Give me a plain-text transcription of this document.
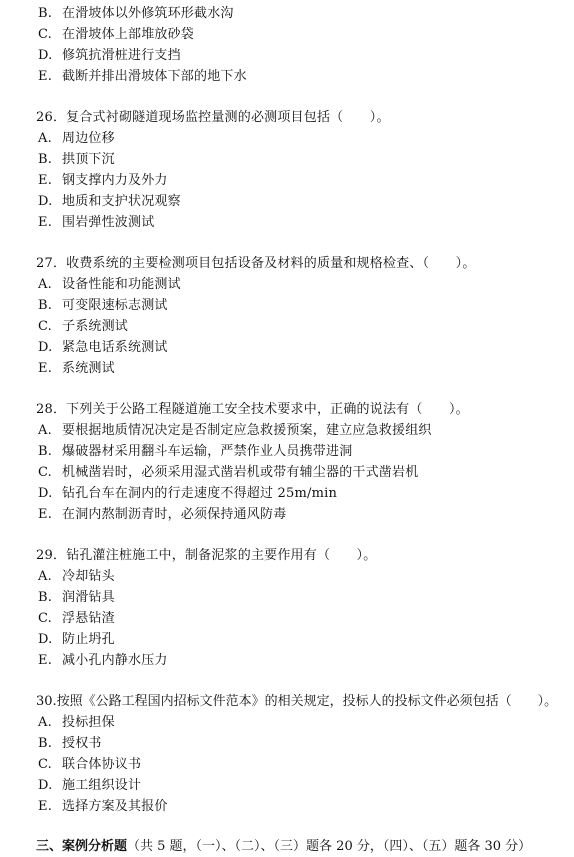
B. 在滑坡体以外修筑环形截水沟
C. 在滑坡体上部堆放砂袋
D. 修筑抗滑桩进行支挡
E. 截断并排出滑坡体下部的地下水
26．复合式衬砌隧道现场监控量测的必测项目包括（　　）。
A. 周边位移
B. 拱顶下沉
E. 钢支撑内力及外力
D. 地质和支护状况观察
E. 围岩弹性波测试
27．收费系统的主要检测项目包括设备及材料的质量和规格检查、（　　）。
A. 设备性能和功能测试
B. 可变限速标志测试
C. 子系统测试
D. 紧急电话系统测试
E. 系统测试
28．下列关于公路工程隧道施工安全技术要求中，正确的说法有（　　）。
A. 要根据地质情况决定是否制定应急救援预案，建立应急救援组织
B. 爆破器材采用翻斗车运输，严禁作业人员携带进洞
C. 机械凿岩时，必须采用湿式凿岩机或带有辅尘器的干式凿岩机
D. 钻孔台车在洞内的行走速度不得超过 25m/min
E. 在洞内熬制沥青时，必须保持通风防毒
29．钻孔灌注桩施工中，制备泥浆的主要作用有（　　）。
A. 冷却钻头
B. 润滑钻具
C. 浮悬钻渣
D. 防止坍孔
E. 减小孔内静水压力
30.按照《公路工程国内招标文件范本》的相关规定，投标人的投标文件必须包括（　　）。
A. 投标担保
B. 授权书
C. 联合体协议书
D. 施工组织设计
E. 选择方案及其报价
三、案例分析题（共 5 题，（一）、（二）、（三）题各 20 分，（四）、（五）题各 30 分）
